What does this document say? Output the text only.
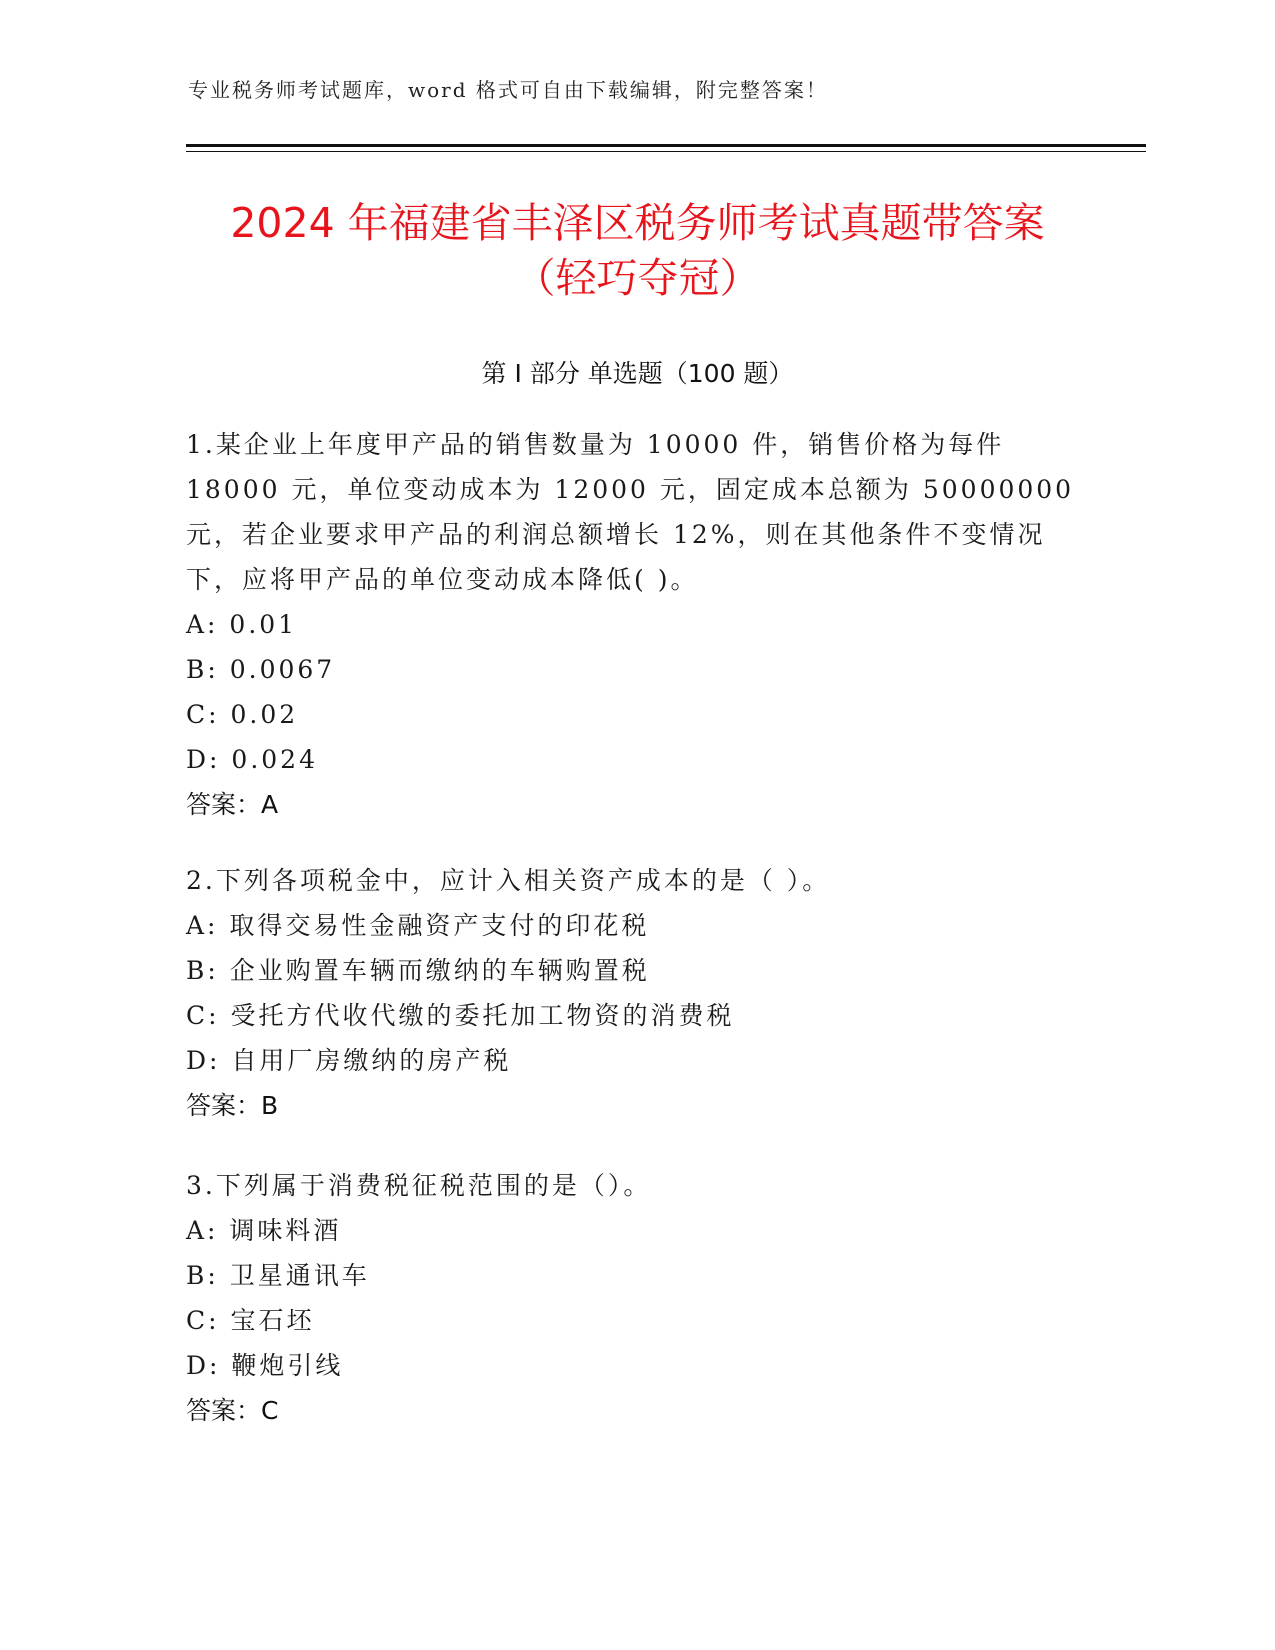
专业税务师考试题库，word 格式可自由下载编辑，附完整答案！
2024 年福建省丰泽区税务师考试真题带答案
（轻巧夺冠）
第 I 部分 单选题（100 题）

1.某企业上年度甲产品的销售数量为 10000 件，销售价格为每件 18000 元，单位变动成本为 12000 元，固定成本总额为 50000000 元，若企业要求甲产品的利润总额增长 12%，则在其他条件不变情况下，应将甲产品的单位变动成本降低( )。

A: 0.01

B: 0.0067

C: 0.02

D: 0.024

答案：A

2.下列各项税金中，应计入相关资产成本的是（ ）。

A: 取得交易性金融资产支付的印花税

B: 企业购置车辆而缴纳的车辆购置税

C: 受托方代收代缴的委托加工物资的消费税

D: 自用厂房缴纳的房产税

答案：B

3.下列属于消费税征税范围的是（）。

A: 调味料酒

B: 卫星通讯车

C: 宝石坯

D: 鞭炮引线

答案：C
